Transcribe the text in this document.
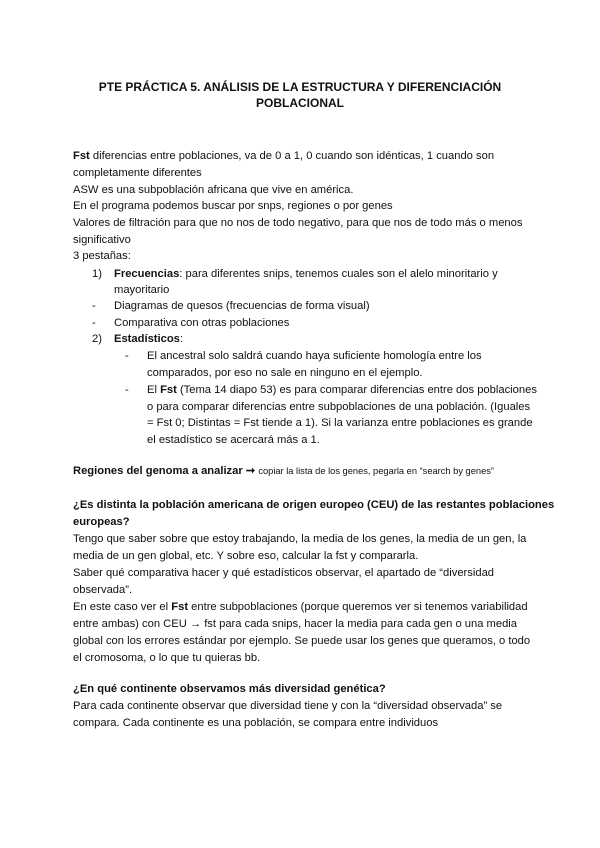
PTE PRÁCTICA 5. ANÁLISIS DE LA ESTRUCTURA Y DIFERENCIACIÓN
POBLACIONAL
Fst diferencias entre poblaciones, va de 0 a 1, 0 cuando son idénticas, 1 cuando son
completamente diferentes
ASW es una subpoblación africana que vive en américa.
En el programa podemos buscar por snps, regiones o por genes
Valores de filtración para que no nos de todo negativo, para que nos de todo más o menos
significativo
3 pestañas:
1) Frecuencias: para diferentes snips, tenemos cuales son el alelo minoritario y
mayoritario
- Diagramas de quesos (frecuencias de forma visual)
- Comparativa con otras poblaciones
2) Estadísticos:
- El ancestral solo saldrá cuando haya suficiente homología entre los
comparados, por eso no sale en ninguno en el ejemplo.
- El Fst (Tema 14 diapo 53) es para comparar diferencias entre dos poblaciones
o para comparar diferencias entre subpoblaciones de una población. (Iguales
= Fst 0; Distintas = Fst tiende a 1). Si la varianza entre poblaciones es grande
el estadístico se acercará más a 1.
Regiones del genoma a analizar ➞ copiar la lista de los genes, pegarla en “search by genes”
¿Es distinta la población americana de origen europeo (CEU) de las restantes poblaciones
europeas?
Tengo que saber sobre que estoy trabajando, la media de los genes, la media de un gen, la
media de un gen global, etc. Y sobre eso, calcular la fst y compararla.
Saber qué comparativa hacer y qué estadísticos observar, el apartado de “diversidad
observada”.
En este caso ver el Fst entre subpoblaciones (porque queremos ver si tenemos variabilidad
entre ambas) con CEU → fst para cada snips, hacer la media para cada gen o una media
global con los errores estándar por ejemplo. Se puede usar los genes que queramos, o todo
el cromosoma, o lo que tu quieras bb.
¿En qué continente observamos más diversidad genética?
Para cada continente observar que diversidad tiene y con la “diversidad observada” se
compara. Cada continente es una población, se compara entre individuos
